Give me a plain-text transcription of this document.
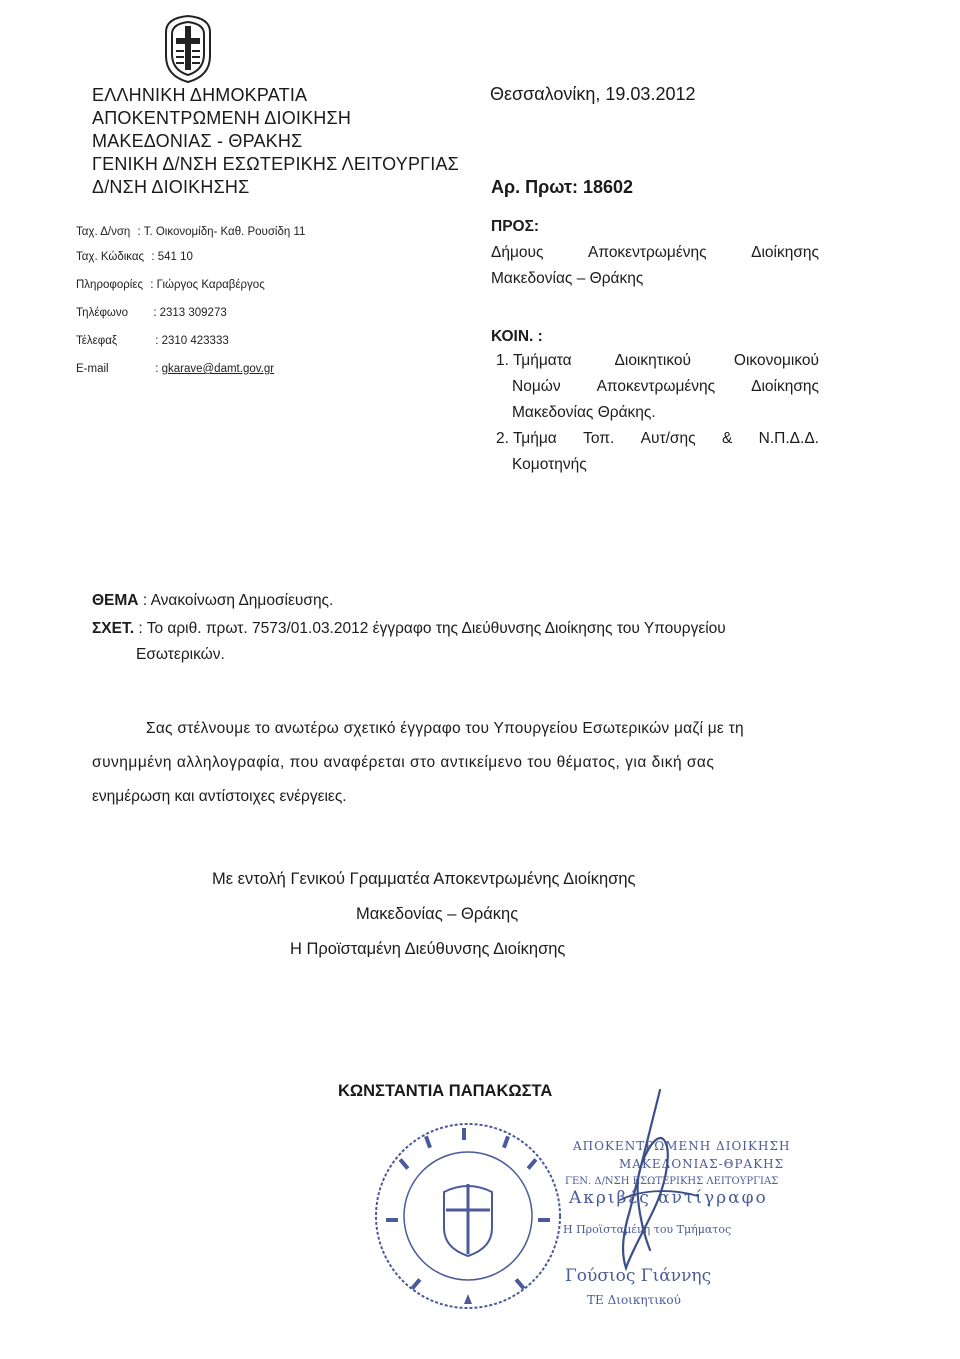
ΕΛΛΗΝΙΚΗ ΔΗΜΟΚΡΑΤΙΑ
ΑΠΟΚΕΝΤΡΩΜΕΝΗ ΔΙΟΙΚΗΣΗ
ΜΑΚΕΔΟΝΙΑΣ - ΘΡΑΚΗΣ
ΓΕΝΙΚΗ Δ/ΝΣΗ ΕΣΩΤΕΡΙΚΗΣ ΛΕΙΤΟΥΡΓΙΑΣ
Δ/ΝΣΗ ΔΙΟΙΚΗΣΗΣ
Θεσσαλονίκη, 19.03.2012
Αρ. Πρωτ: 18602
Ταχ. Δ/νση : Τ. Οικονομίδη- Καθ. Ρουσίδη 11
Ταχ. Κώδικας : 541 10
Πληροφορίες : Γιώργος Καραβέργος
Τηλέφωνο : 2313 309273
Τέλεφαξ	: 2310 423333
E-mail	: gkarave@damt.gov.gr
ΠΡΟΣ:
Δήμους	Αποκεντρωμένης	Διοίκησης
Μακεδονίας – Θράκης
ΚΟΙΝ. :
1. Τμήματα	Διοικητικού	Οικονομικού
Νομών Αποκεντρωμένης Διοίκησης
Μακεδονίας Θράκης.
2. Τμήμα Τοπ. Αυτ/σης & Ν.Π.Δ.Δ.
Κομοτηνής
ΘΕΜΑ : Ανακοίνωση Δημοσίευσης.
ΣΧΕΤ. : Το αριθ. πρωτ. 7573/01.03.2012 έγγραφο της Διεύθυνσης Διοίκησης του Υπουργείου
Εσωτερικών.
Σας στέλνουμε το ανωτέρω σχετικό έγγραφο του Υπουργείου Εσωτερικών μαζί με τη
συνημμένη αλληλογραφία, που αναφέρεται στο αντικείμενο του θέματος, για δική σας
ενημέρωση και αντίστοιχες ενέργειες.
Με εντολή Γενικού Γραμματέα Αποκεντρωμένης Διοίκησης
Μακεδονίας – Θράκης
Η Προϊσταμένη Διεύθυνσης Διοίκησης
ΚΩΝΣΤΑΝΤΙΑ ΠΑΠΑΚΩΣΤΑ
ΑΠΟΚΕΝΤΡΩΜΕΝΗ ΔΙΟΙΚΗΣΗ
ΜΑΚΕΔΟΝΙΑΣ-ΘΡΑΚΗΣ
ΓΕΝ. Δ/ΝΣΗ ΕΣΩΤΕΡΙΚΗΣ ΛΕΙΤΟΥΡΓΙΑΣ
Ακριβές αντίγραφο
Η Προϊσταμένη του Τμήματος
Γούσιος Γιάννης
ΤΕ Διοικητικού
